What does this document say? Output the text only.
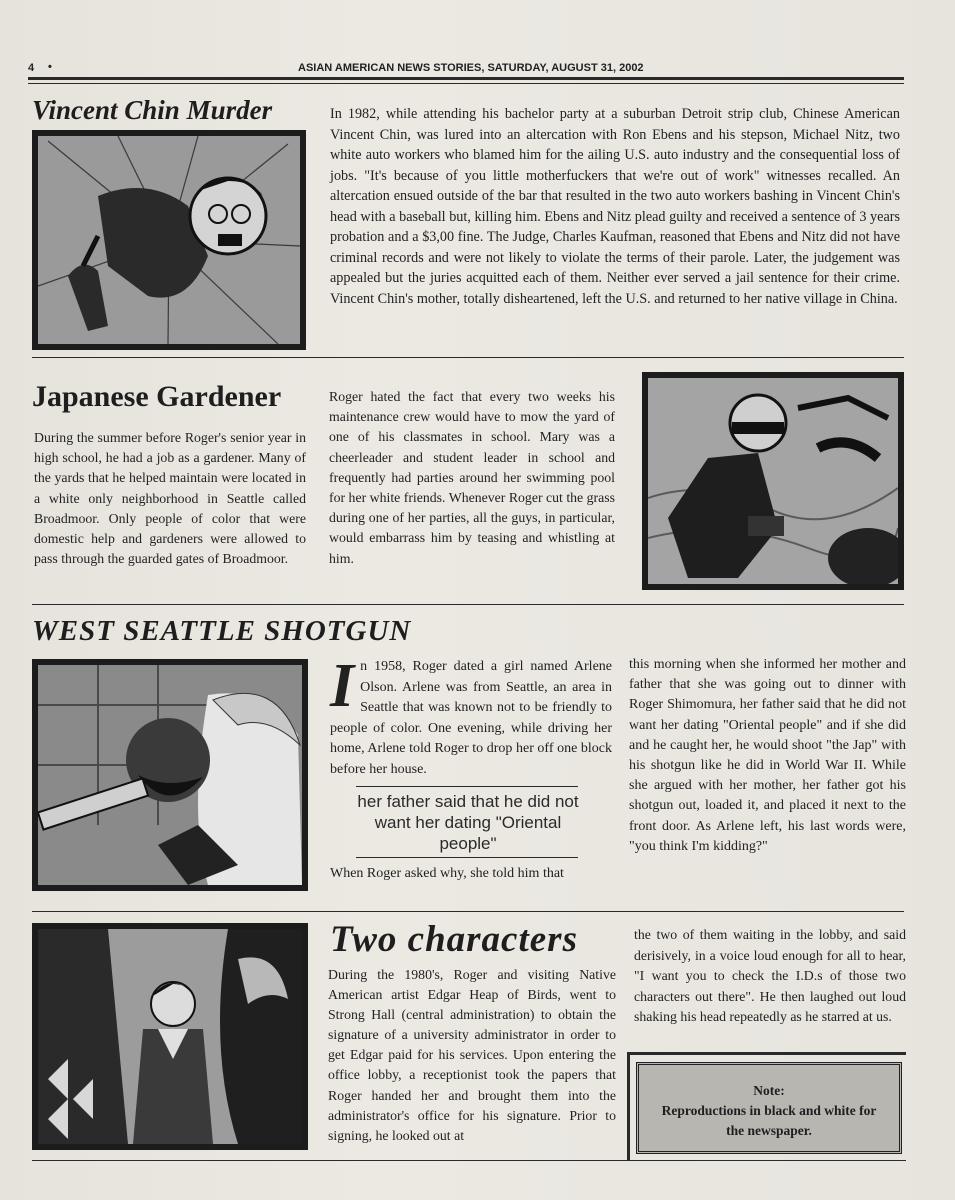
4 •	ASIAN AMERICAN NEWS STORIES, SATURDAY, AUGUST 31, 2002
Vincent Chin Murder	In 1982, while attending his bachelor party at a suburban Detroit strip club, Chinese American Vincent Chin, was lured into an altercation with Ron Ebens and his stepson, Michael Nitz, two white auto workers who blamed him for the ailing U.S. auto industry and the consequential loss of jobs. "It's because of you little motherfuckers that we're out of work" witnesses recalled. An altercation ensued outside of the bar that resulted in the two auto workers bashing in Vincent Chin's head with a baseball but, killing him. Ebens and Nitz plead guilty and received a sentence of 3 years probation and a $3,00 fine. The Judge, Charles Kaufman, reasoned that Ebens and Nitz did not have criminal records and were not likely to violate the terms of their parole. Later, the judgement was appealed but the juries acquitted each of them. Neither ever served a jail sentence for their crime. Vincent Chin's mother, totally disheartened, left the U.S. and returned to her native village in China.
Japanese Gardener
During the summer before Roger's senior year in high school, he had a job as a gardener. Many of the yards that he helped maintain were located in a white only neighborhood in Seattle called Broadmoor. Only people of color that were domestic help and gardeners were allowed to pass through the guarded gates of Broadmoor.
Roger hated the fact that every two weeks his maintenance crew would have to mow the yard of one of his classmates in school. Mary was a cheerleader and student leader in school and frequently had parties around her swimming pool for her white friends. Whenever Roger cut the grass during one of her parties, all the guys, in particular, would embarrass him by teasing and whistling at him.
WEST SEATTLE SHOTGUN
In 1958, Roger dated a girl named Arlene Olson. Arlene was from Seattle, an area in Seattle that was known not to be friendly to people of color. One evening, while driving her home, Arlene told Roger to drop her off one block before her house.
her father said that he did not want her dating "Oriental people"
When Roger asked why, she told him that
this morning when she informed her mother and father that she was going out to dinner with Roger Shimomura, her father said that he did not want her dating "Oriental people" and if she did and he caught her, he would shoot "the Jap" with his shotgun like he did in World War II. While she argued with her mother, her father got his shotgun out, loaded it, and placed it next to the front door. As Arlene left, his last words were, "you think I'm kidding?"
Two characters
During the 1980's, Roger and visiting Native American artist Edgar Heap of Birds, went to Strong Hall (central administration) to obtain the signature of a university administrator in order to get Edgar paid for his services. Upon entering the office lobby, a receptionist took the papers that Roger handed her and brought them into the administrator's office for his signature. Prior to signing, he looked out at
the two of them waiting in the lobby, and said derisively, in a voice loud enough for all to hear, "I want you to check the I.D.s of those two characters out there". He then laughed out loud shaking his head repeatedly as he starred at us.
Note:
Reproductions in black and white for the newspaper.
